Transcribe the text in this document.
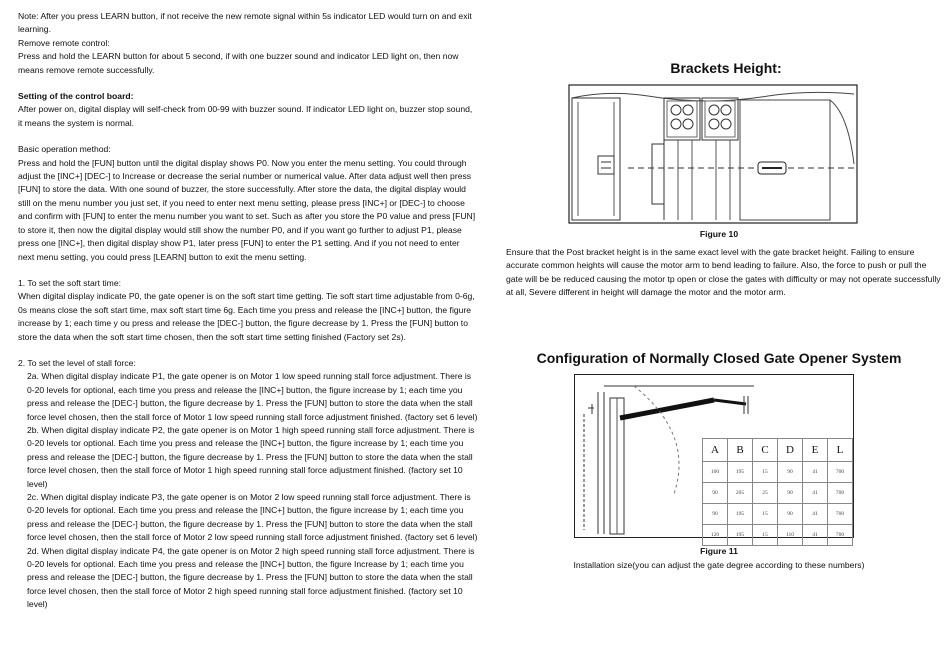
Note: After you press LEARN button, if not receive the new remote signal within 5s indicator LED would turn on and exit learning.

Remove remote control:

Press and hold the LEARN button for about 5 second, if with one buzzer sound and indicator LED light on, then now means remove remote successfully.

Setting of the control board:

After power on, digital display will self-check from 00-99 with buzzer sound. If indicator LED light on, buzzer stop sound, it means the system is normal.

Basic operation method:

Press and hold the [FUN] button until the digital display shows P0. Now you enter the menu setting. You could through adjust the [INC+] [DEC-] to Increase or decrease the serial number or numerical value. After data adjust well then press [FUN] to store the data. With one sound of buzzer, the store successfully. After store the data, the digital display would still on the menu number you just set, if you need to enter next menu setting, please press [INC+] or [DEC-] to choose and confirm with [FUN] to enter the menu number you want to set. Such as after you store the P0 value and press [FUN] to store it, then now the digital display would still show the number P0, and if you want go further to adjust P1, please press one [INC+], then digital display show P1, later press [FUN] to enter the P1 setting. And if you not need to enter next menu setting, you could press [LEARN] button to exit the menu setting.

1. To set the soft start time:

When digital display indicate P0, the gate opener is on the soft start time getting. Tie soft start time adjustable from 0-6g, 0s means close the soft start time, max soft start time 6g. Each time you press and release the [INC+] button, the figure increase by 1; each time y ou press and release the [DEC-] button, the figure decrease by 1. Press the [FUN] button to store the data when the soft start time chosen, then the soft start time setting finished (Factory set 2s).

2. To set the level of stall force:

2a. When digital display indicate P1, the gate opener is on Motor 1 low speed running stall force adjustment. There is 0-20 levels for optional, each time you press and release the [INC+] button, the figure increase by 1; each time you press and release the [DEC-] button, the figure decrease by 1. Press the [FUN] button to store the data when the stall force level chosen, then the stall force of Motor 1 low speed running stall force adjustment finished. (factory set 6 level)

2b. When digital display indicate P2, the gate opener is on Motor 1 high speed running stall force adjustment. There is 0-20 levels tor optional. Each time you press and release the [INC+] button, the figure increase by 1; each time you press and release the [DEC-] button, the figure decrease by 1. Press the [FUN] button to store the data when the stall force level chosen, then the stall force of Motor 1 high speed running stall force adjustment finished. (factory set 10 level)

2c. When digital display indicate P3, the gate opener is on Motor 2 low speed running stall force adjustment. There is 0-20 levels for optional. Each time you press and release the [INC+] button, the figure increase by 1; each time you press and release the [DEC-] button, the figure decrease by 1. Press the [FUN] button to store the data when the stall force level chosen, then the stall force of Motor 2 low speed running stall force adjustment finished. (factory set 6 level)

2d. When digital display indicate P4, the gate opener is on Motor 2 high speed running stall force adjustment. There is 0-20 levels for optional. Each time you press and release the [INC+] button, the figure Increase by 1; each time you press and release the [DEC-] button, the figure decrease by 1. Press the [FUN] button to store the data when the stall force level chosen, then the stall force of Motor 2 high speed running stall force adjustment finished. (factory set 10 level)

Brackets Height:
Figure 10

Ensure that the Post bracket height is in the same exact level with the gate bracket height. Failing to ensure accurate common heights will cause the motor arm to bend leading to failure. Also, the force to push or pull the gate will be be reduced causing the motor tp open or close the gates with difficulty or may not operate successfully at all, Severe different in height will damage the motor and the motor arm.

Configuration of Normally Closed Gate Opener System
A	B	C	D	E	L
100	195	15	90	41	700
90	205	25	90	41	700
90	195	15	90	41	700
120	195	15	110	41	700
Figure 11
Installation size(you can adjust the gate degree according to these numbers)
